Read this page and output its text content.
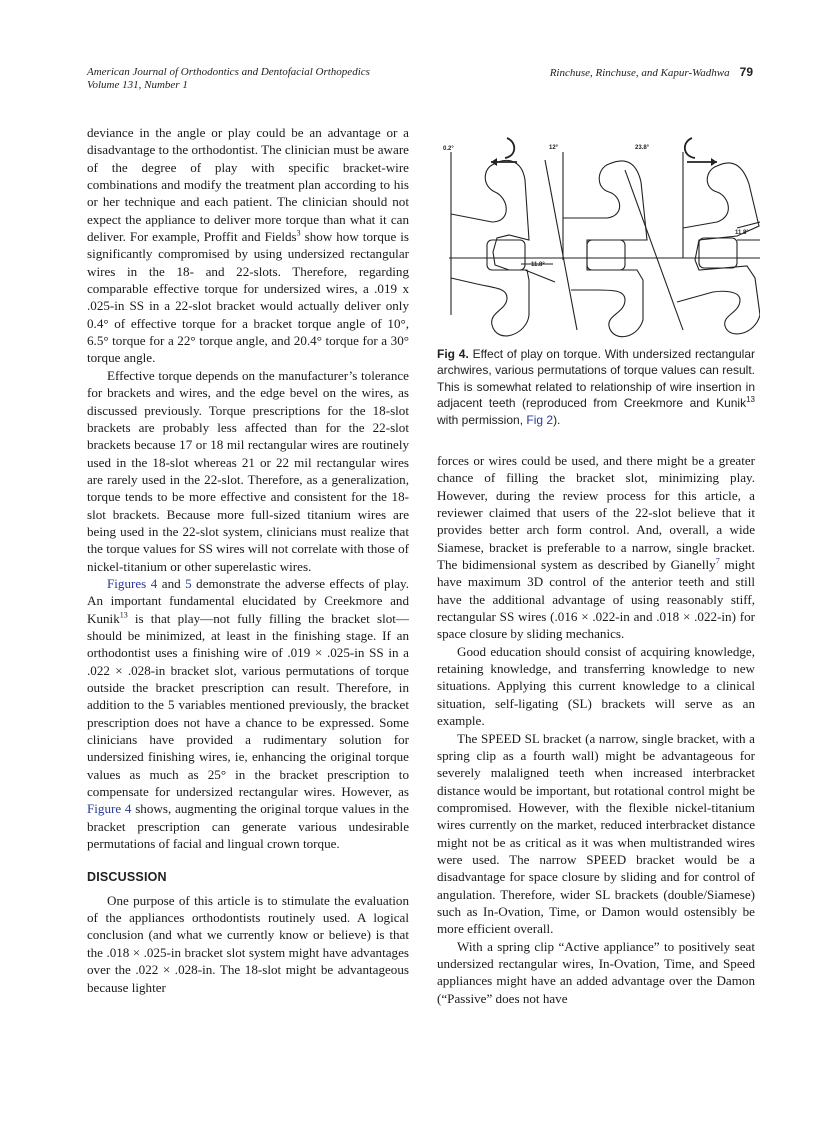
American Journal of Orthodontics and Dentofacial Orthopedics
Volume 131, Number 1
Rinchuse, Rinchuse, and Kapur-Wadhwa 79

deviance in the angle or play could be an advantage or a disadvantage to the orthodontist. The clinician must be aware of the degree of play with specific bracket-wire combinations and modify the treatment plan according to his or her technique and each patient. The clinician should not expect the appliance to deliver more torque than what it can deliver. For example, Proffit and Fields$^3$ show how torque is significantly compromised by using undersized rectangular wires in the 18- and 22-slots. Therefore, regarding comparable effective torque for undersized wires, a .019 x .025-in SS in a 22-slot bracket would actually deliver only 0.4° of effective torque for a bracket torque angle of 10°, 6.5° torque for a 22° torque angle, and 20.4° torque for a 30° torque angle.

Effective torque depends on the manufacturer’s tolerance for brackets and wires, and the edge bevel on the wires, as discussed previously. Torque prescriptions for the 18-slot brackets are probably less affected than for the 22-slot brackets because 17 or 18 mil rectangular wires are routinely used in the 18-slot whereas 21 or 22 mil rectangular wires are rarely used in the 22-slot. Therefore, as a generalization, torque tends to be more effective and consistent for the 18-slot brackets. Because more full-sized titanium wires are being used in the 22-slot system, clinicians must realize that the torque values for SS wires will not correlate with those of nickel-titanium or other superelastic wires.

Figures 4 and 5 demonstrate the adverse effects of play. An important fundamental elucidated by Creekmore and Kunik$^{13}$ is that play—not fully filling the bracket slot—should be minimized, at least in the finishing stage. If an orthodontist uses a finishing wire of .019 × .025-in SS in a .022 × .028-in bracket slot, various permutations of torque outside the bracket prescription can result. Therefore, in addition to the 5 variables mentioned previously, the bracket prescription does not have a chance to be expressed. Some clinicians have provided a rudimentary solution for undersized finishing wires, ie, enhancing the original torque values as much as 25° in the bracket prescription to compensate for undersized rectangular wires. However, as Figure 4 shows, augmenting the original torque values in the bracket prescription can generate various undesirable permutations of facial and lingual crown torque.

DISCUSSION

One purpose of this article is to stimulate the evaluation of the appliances orthodontists routinely used. A logical conclusion (and what we currently know or believe) is that the .018 × .025-in bracket slot system might have advantages over the .022 × .028-in. The 18-slot might be advantageous because lighter

0.2°	12°	23.8°
11.8°
11.8°
Fig 4. Effect of play on torque. With undersized rectangular archwires, various permutations of torque values can result. This is somewhat related to relationship of wire insertion in adjacent teeth (reproduced from Creekmore and Kunik$^{13}$ with permission, Fig 2).

forces or wires could be used, and there might be a greater chance of filling the bracket slot, minimizing play. However, during the review process for this article, a reviewer claimed that users of the 22-slot believe that it provides better arch form control. And, overall, a wide Siamese, bracket is preferable to a narrow, single bracket. The bidimensional system as described by Gianelly$^7$ might have maximum 3D control of the anterior teeth and still have the additional advantage of using reasonably stiff, rectangular SS wires (.016 × .022-in and .018 × .022-in) for space closure by sliding mechanics.

Good education should consist of acquiring knowledge, retaining knowledge, and transferring knowledge to new situations. Applying this current knowledge to a clinical situation, self-ligating (SL) brackets will serve as an example.

The SPEED SL bracket (a narrow, single bracket, with a spring clip as a fourth wall) might be advantageous for severely malaligned teeth when increased interbracket distance would be important, but rotational control might be compromised. However, with the flexible nickel-titanium wires currently on the market, reduced interbracket distance might not be as critical as it was when multistranded wires were used. The narrow SPEED bracket would be a disadvantage for space closure by sliding and for control of angulation. Therefore, wider SL brackets (double/Siamese) such as In-Ovation, Time, or Damon would ostensibly be more efficient overall.

With a spring clip “Active appliance” to positively seat undersized rectangular wires, In-Ovation, Time, and Speed appliances might have an added advantage over the Damon (“Passive” does not have
